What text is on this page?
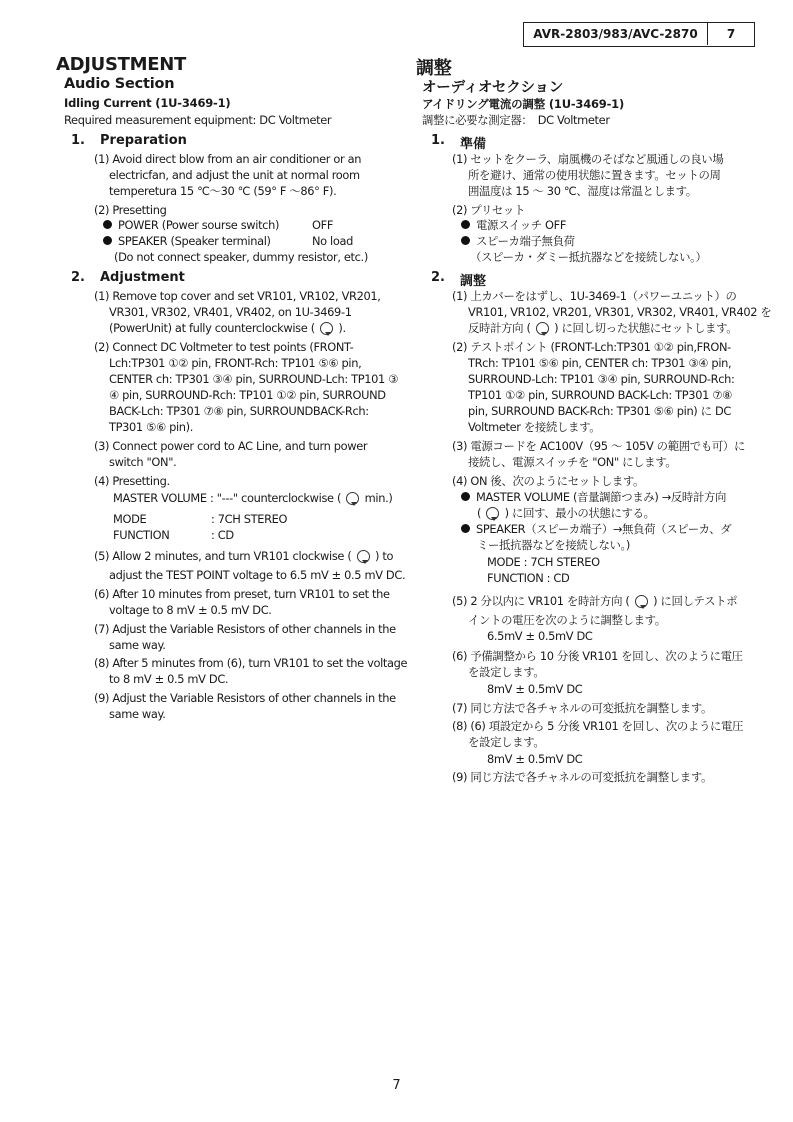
AVR-2803/983/AVC-2870	7
ADJUSTMENT
Audio Section
Idling Current (1U-3469-1)
Required measurement equipment: DC Voltmeter
1. Preparation
(1) Avoid direct blow from an air conditioner or an
electricfan, and adjust the unit at normal room
temperetura 15 ℃～30 ℃ (59° F ～86° F).
(2) Presetting
POWER (Power sourse switch)	OFF
SPEAKER (Speaker terminal)	No load
(Do not connect speaker, dummy resistor, etc.)
2. Adjustment
(1) Remove top cover and set VR101, VR102, VR201,
VR301, VR302, VR401, VR402, on 1U-3469-1
(PowerUnit) at fully counterclockwise ( ).
(2) Connect DC Voltmeter to test points (FRONT-
Lch:TP301 ①② pin, FRONT-Rch: TP101 ⑤⑥ pin,
CENTER ch: TP301 ③④ pin, SURROUND-Lch: TP101 ③
④ pin, SURROUND-Rch: TP101 ①② pin, SURROUND
BACK-Lch: TP301 ⑦⑧ pin, SURROUNDBACK-Rch:
TP301 ⑤⑥ pin).
(3) Connect power cord to AC Line, and turn power
switch "ON".
(4) Presetting.
MASTER VOLUME : "---" counterclockwise ( min.)
MODE	: 7CH STEREO
FUNCTION	: CD
(5) Allow 2 minutes, and turn VR101 clockwise ( ) to
adjust the TEST POINT voltage to 6.5 mV ± 0.5 mV DC.
(6) After 10 minutes from preset, turn VR101 to set the
voltage to 8 mV ± 0.5 mV DC.
(7) Adjust the Variable Resistors of other channels in the
same way.
(8) After 5 minutes from (6), turn VR101 to set the voltage
to 8 mV ± 0.5 mV DC.
(9) Adjust the Variable Resistors of other channels in the
same way.
調整
オーディオセクション
アイドリング電流の調整 (1U-3469-1)
調整に必要な測定器：　DC Voltmeter
1. 準備
(1) セットをクーラ、扇風機のそばなど風通しの良い場
所を避け、通常の使用状態に置きます。セットの周
囲温度は 15 ～ 30 ℃、湿度は常温とします。
(2) プリセット
電源スイッチ OFF
スピーカ端子無負荷
（スピーカ・ダミー抵抗器などを接続しない。）
2. 調整
(1) 上カバーをはずし、1U-3469-1（パワーユニット）の
VR101, VR102, VR201, VR301, VR302, VR401, VR402 を
反時計方向 ( ) に回し切った状態にセットします。
(2) テストポイント (FRONT-Lch:TP301 ①② pin,FRON-
TRch: TP101 ⑤⑥ pin, CENTER ch: TP301 ③④ pin,
SURROUND-Lch: TP101 ③④ pin, SURROUND-Rch:
TP101 ①② pin, SURROUND BACK-Lch: TP301 ⑦⑧
pin, SURROUND BACK-Rch: TP301 ⑤⑥ pin) に DC
Voltmeter を接続します。
(3) 電源コードを AC100V（95 ～ 105V の範囲でも可）に
接続し、電源スイッチを "ON" にします。
(4) ON 後、次のようにセットします。
MASTER VOLUME (音量調節つまみ) →反時計方向
( ) に回す、最小の状態にする。
SPEAKER（スピーカ端子）→無負荷（スピーカ、ダ
ミー抵抗器などを接続しない。)
MODE : 7CH STEREO
FUNCTION : CD
(5) 2 分以内に VR101 を時計方向 ( ) に回しテストポ
イントの電圧を次のように調整します。
6.5mV ± 0.5mV DC
(6) 予備調整から 10 分後 VR101 を回し、次のように電圧
を設定します。
8mV ± 0.5mV DC
(7) 同じ方法で各チャネルの可変抵抗を調整します。
(8) (6) 項設定から 5 分後 VR101 を回し、次のように電圧
を設定します。
8mV ± 0.5mV DC
(9) 同じ方法で各チャネルの可変抵抗を調整します。
7
